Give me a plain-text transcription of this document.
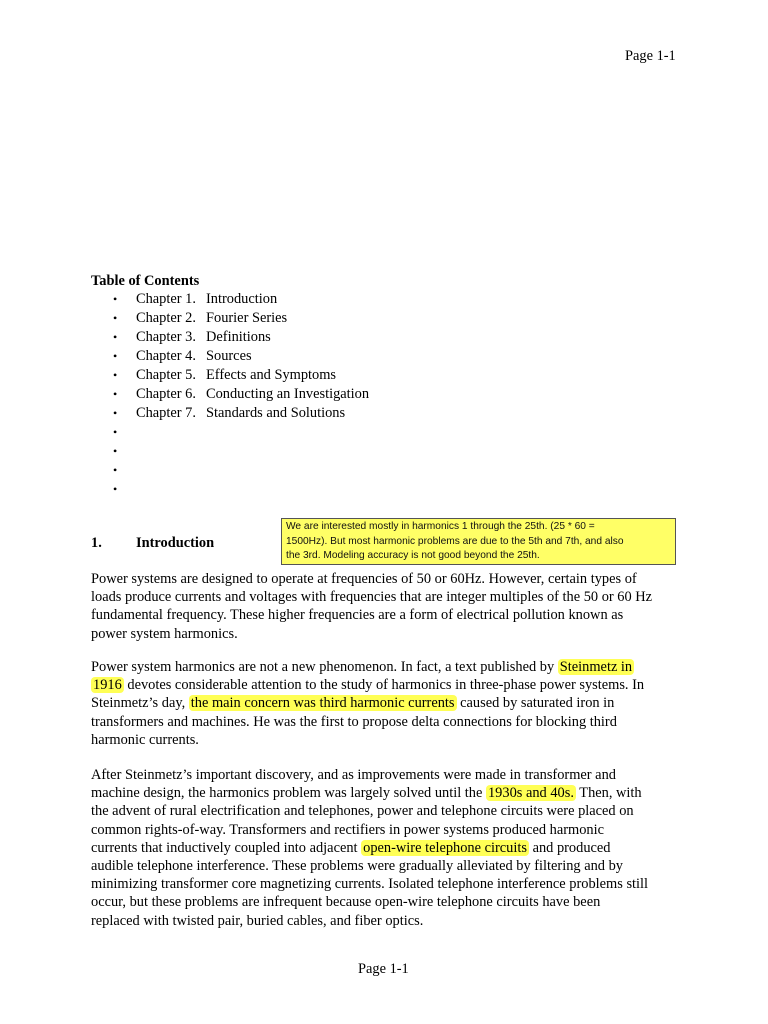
Page 1-1
Table of Contents
• Chapter 1. Introduction
• Chapter 2. Fourier Series
• Chapter 3. Definitions
• Chapter 4. Sources
• Chapter 5. Effects and Symptoms
• Chapter 6. Conducting an Investigation
• Chapter 7. Standards and Solutions
•
•
•
•
We are interested mostly in harmonics 1 through the 25th. (25 * 60 =
1500Hz). But most harmonic problems are due to the 5th and 7th, and also
the 3rd. Modeling accuracy is not good beyond the 25th.
1. Introduction
Power systems are designed to operate at frequencies of 50 or 60Hz. However, certain types of
loads produce currents and voltages with frequencies that are integer multiples of the 50 or 60 Hz
fundamental frequency. These higher frequencies are a form of electrical pollution known as
power system harmonics.
Power system harmonics are not a new phenomenon. In fact, a text published by Steinmetz in
1916 devotes considerable attention to the study of harmonics in three-phase power systems. In
Steinmetz’s day, the main concern was third harmonic currents caused by saturated iron in
transformers and machines. He was the first to propose delta connections for blocking third
harmonic currents.
After Steinmetz’s important discovery, and as improvements were made in transformer and
machine design, the harmonics problem was largely solved until the 1930s and 40s. Then, with
the advent of rural electrification and telephones, power and telephone circuits were placed on
common rights-of-way. Transformers and rectifiers in power systems produced harmonic
currents that inductively coupled into adjacent open-wire telephone circuits and produced
audible telephone interference. These problems were gradually alleviated by filtering and by
minimizing transformer core magnetizing currents. Isolated telephone interference problems still
occur, but these problems are infrequent because open-wire telephone circuits have been
replaced with twisted pair, buried cables, and fiber optics.
Page 1-1
